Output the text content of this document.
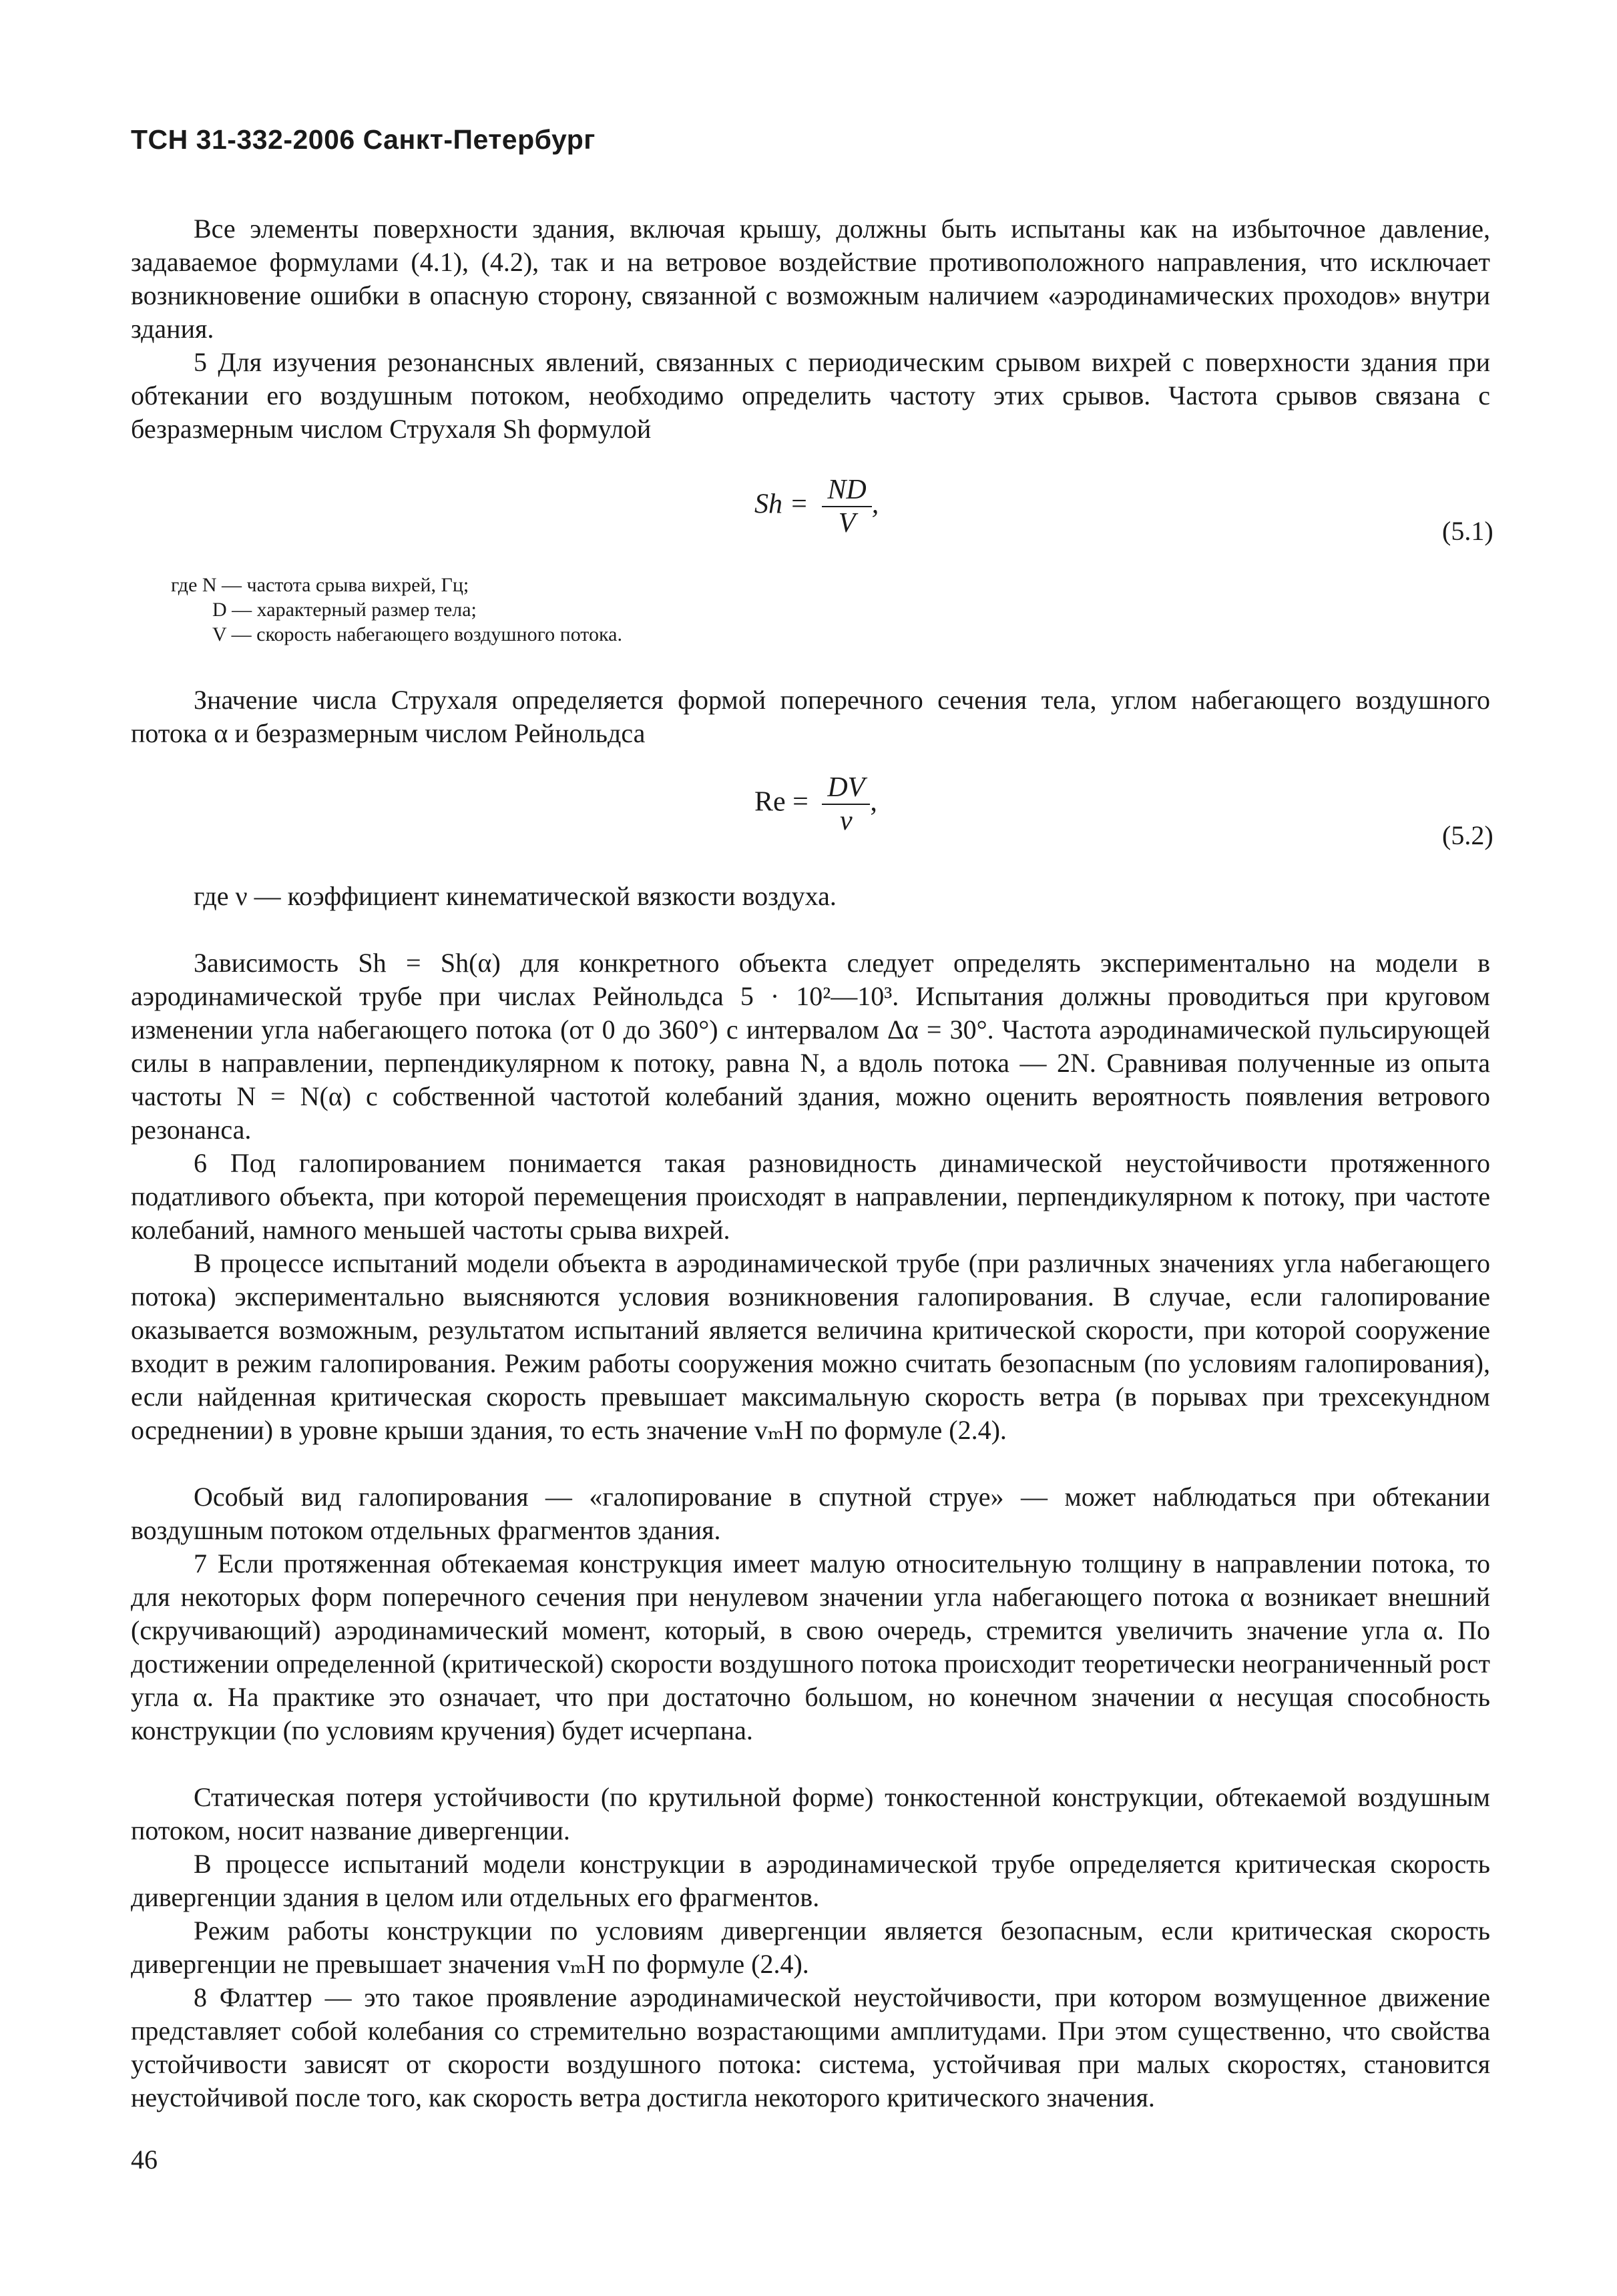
ТСН 31-332-2006 Санкт-Петербург
Все элементы поверхности здания, включая крышу, должны быть испытаны как на избыточное давление, задаваемое формулами (4.1), (4.2), так и на ветровое воздействие противоположного направления, что исключает возникновение ошибки в опасную сторону, связанной с возможным наличием «аэродинамических проходов» внутри здания.
5 Для изучения резонансных явлений, связанных с периодическим срывом вихрей с поверхности здания при обтекании его воздушным потоком, необходимо определить частоту этих срывов. Частота срывов связана с безразмерным числом Струхаля Sh формулой
$Sh = \frac{ND}{V}$ ,
(5.1)
где N — частота срыва вихрей, Гц;
D — характерный размер тела;
V — скорость набегающего воздушного потока.
Значение числа Струхаля определяется формой поперечного сечения тела, углом набегающего воздушного потока α и безразмерным числом Рейнольдса
$Re = \frac{DV}{\nu}$ ,
(5.2)
где ν — коэффициент кинематической вязкости воздуха.
Зависимость Sh = Sh(α) для конкретного объекта следует определять экспериментально на модели в аэродинамической трубе при числах Рейнольдса 5 · 10²—10³. Испытания должны проводиться при круговом изменении угла набегающего потока (от 0 до 360°) с интервалом Δα = 30°. Частота аэродинамической пульсирующей силы в направлении, перпендикулярном к потоку, равна N, а вдоль потока — 2N. Сравнивая полученные из опыта частоты N = N(α) с собственной частотой колебаний здания, можно оценить вероятность появления ветрового резонанса.
6 Под галопированием понимается такая разновидность динамической неустойчивости протяженного податливого объекта, при которой перемещения происходят в направлении, перпендикулярном к потоку, при частоте колебаний, намного меньшей частоты срыва вихрей.
В процессе испытаний модели объекта в аэродинамической трубе (при различных значениях угла набегающего потока) экспериментально выясняются условия возникновения галопирования. В случае, если галопирование оказывается возможным, результатом испытаний является величина критической скорости, при которой сооружение входит в режим галопирования. Режим работы сооружения можно считать безопасным (по условиям галопирования), если найденная критическая скорость превышает максимальную скорость ветра (в порывах при трехсекундном осреднении) в уровне крыши здания, то есть значение vₘH по формуле (2.4).
Особый вид галопирования — «галопирование в спутной струе» — может наблюдаться при обтекании воздушным потоком отдельных фрагментов здания.
7 Если протяженная обтекаемая конструкция имеет малую относительную толщину в направлении потока, то для некоторых форм поперечного сечения при ненулевом значении угла набегающего потока α возникает внешний (скручивающий) аэродинамический момент, который, в свою очередь, стремится увеличить значение угла α. По достижении определенной (критической) скорости воздушного потока происходит теоретически неограниченный рост угла α. На практике это означает, что при достаточно большом, но конечном значении α несущая способность конструкции (по условиям кручения) будет исчерпана.
Статическая потеря устойчивости (по крутильной форме) тонкостенной конструкции, обтекаемой воздушным потоком, носит название дивергенции.
В процессе испытаний модели конструкции в аэродинамической трубе определяется критическая скорость дивергенции здания в целом или отдельных его фрагментов.
Режим работы конструкции по условиям дивергенции является безопасным, если критическая скорость дивергенции не превышает значения vₘH по формуле (2.4).
8 Флаттер — это такое проявление аэродинамической неустойчивости, при котором возмущенное движение представляет собой колебания со стремительно возрастающими амплитудами. При этом существенно, что свойства устойчивости зависят от скорости воздушного потока: система, устойчивая при малых скоростях, становится неустойчивой после того, как скорость ветра достигла некоторого критического значения.
46
